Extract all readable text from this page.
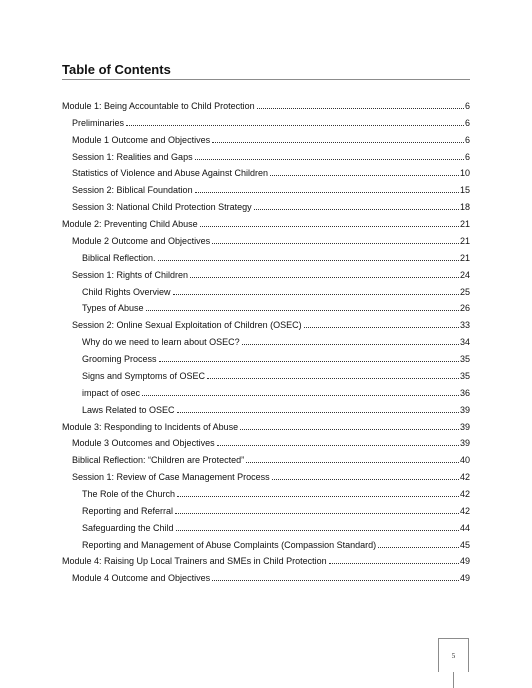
Table of Contents
Module 1: Being Accountable to Child Protection	6
Preliminaries	6
Module 1 Outcome and Objectives	6
Session 1: Realities and Gaps	6
Statistics of Violence and Abuse Against Children	10
Session 2: Biblical Foundation	15
Session 3: National Child Protection Strategy	18
Module 2: Preventing Child Abuse	21
Module 2 Outcome and Objectives	21
Biblical Reflection.	21
Session 1: Rights of Children	24
Child Rights Overview	25
Types of Abuse	26
Session 2: Online Sexual Exploitation of Children (OSEC)	33
Why do we need to learn about OSEC?	34
Grooming Process	35
Signs and Symptoms of OSEC	35
impact of osec	36
Laws Related to OSEC	39
Module 3: Responding to Incidents of Abuse	39
Module 3 Outcomes and Objectives	39
Biblical Reflection: “Children are Protected”	40
Session 1: Review of Case Management Process	42
The Role of the Church	42
Reporting and Referral	42
Safeguarding the Child	44
Reporting and Management of Abuse Complaints (Compassion Standard)	45
Module 4: Raising Up Local Trainers and SMEs in Child Protection	49
Module 4 Outcome and Objectives	49
5
